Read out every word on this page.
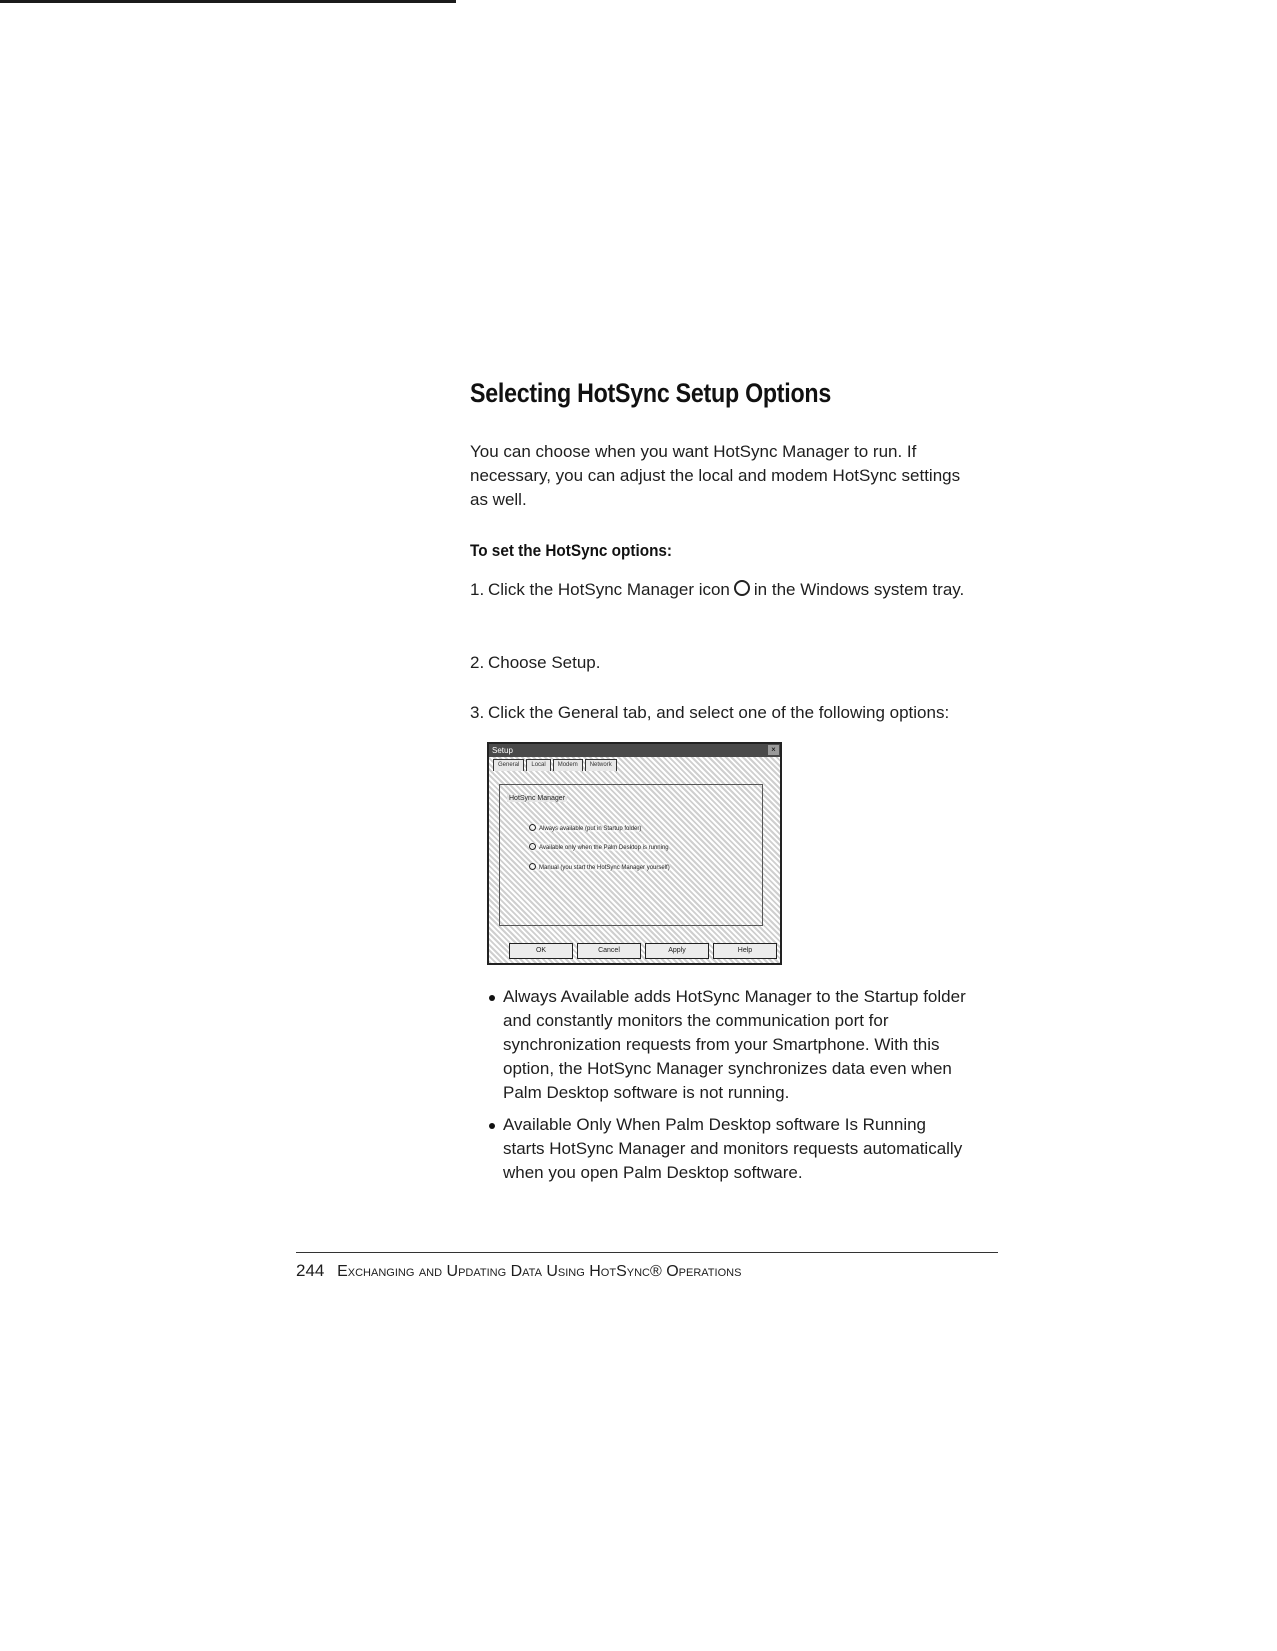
Selecting HotSync Setup Options

You can choose when you want HotSync Manager to run. If necessary, you can adjust the local and modem HotSync settings as well.

To set the HotSync options:
1. Click the HotSync Manager icon in the Windows system tray.
2. Choose Setup.
3. Click the General tab, and select one of the following options:
Setup	×
General	Local	Modem	Network
HotSync Manager
Always available (put in Startup folder)
Available only when the Palm Desktop is running
Manual (you start the HotSync Manager yourself)
OK	Cancel	Apply	Help
Always Available adds HotSync Manager to the Startup folder and constantly monitors the communication port for synchronization requests from your Smartphone. With this option, the HotSync Manager synchronizes data even when Palm Desktop software is not running.
Available Only When Palm Desktop software Is Running starts HotSync Manager and monitors requests automatically when you open Palm Desktop software.
244 Exchanging and Updating Data Using HotSync® Operations
